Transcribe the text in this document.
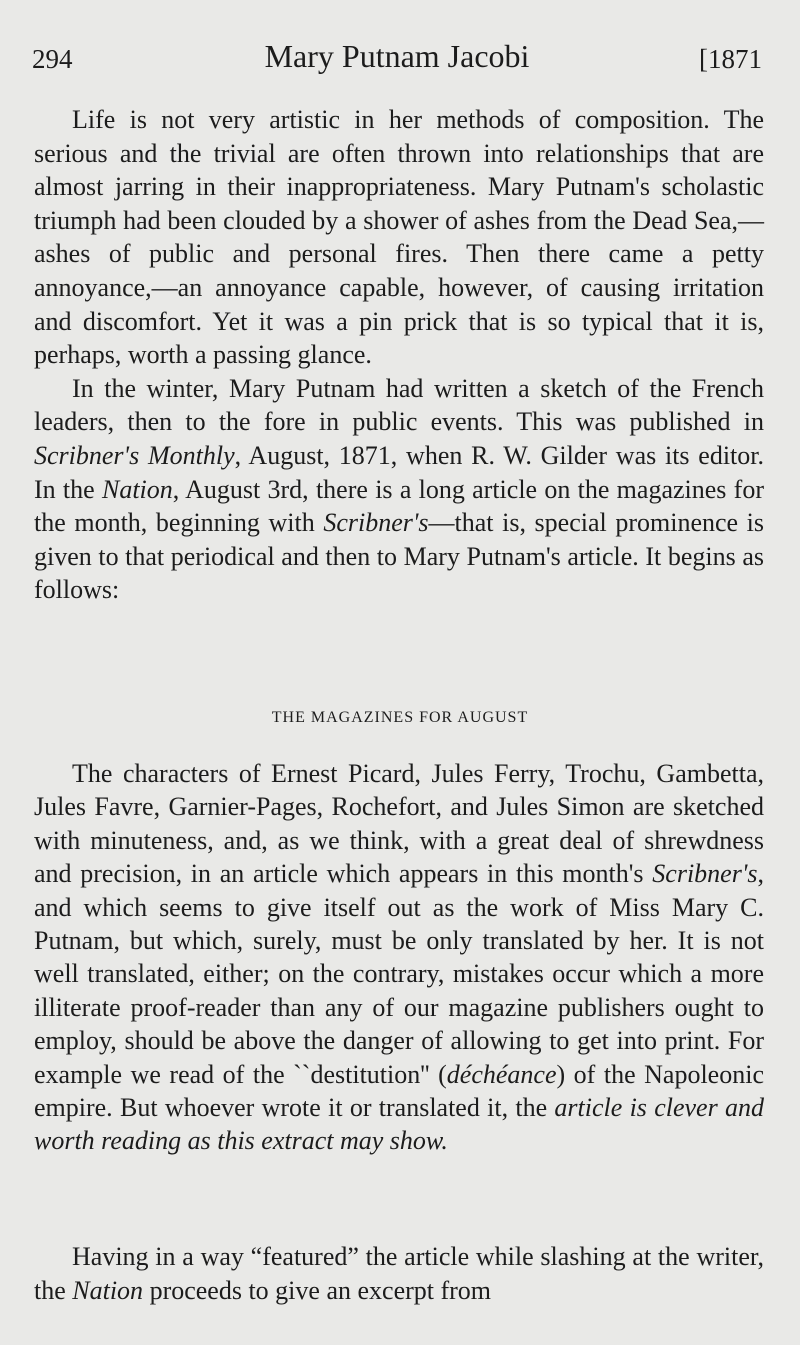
294	Mary Putnam Jacobi	[1871

Life is not very artistic in her methods of composition. The serious and the trivial are often thrown into relationships that are almost jarring in their inappropriateness. Mary Putnam's scholastic triumph had been clouded by a shower of ashes from the Dead Sea,—ashes of public and personal fires. Then there came a petty annoyance,—an annoyance capable, however, of causing irritation and discomfort. Yet it was a pin prick that is so typical that it is, perhaps, worth a passing glance.

In the winter, Mary Putnam had written a sketch of the French leaders, then to the fore in public events. This was published in Scribner's Monthly, August, 1871, when R. W. Gilder was its editor. In the Nation, August 3rd, there is a long article on the magazines for the month, beginning with Scribner's—that is, special prominence is given to that periodical and then to Mary Putnam's article. It begins as follows:

THE MAGAZINES FOR AUGUST

The characters of Ernest Picard, Jules Ferry, Trochu, Gambetta, Jules Favre, Garnier-Pages, Rochefort, and Jules Simon are sketched with minuteness, and, as we think, with a great deal of shrewdness and precision, in an article which appears in this month's Scribner's, and which seems to give itself out as the work of Miss Mary C. Putnam, but which, surely, must be only translated by her. It is not well translated, either; on the contrary, mistakes occur which a more illiterate proof-reader than any of our magazine publishers ought to employ, should be above the danger of allowing to get into print. For example we read of the ``destitution'' (déchéance) of the Napoleonic empire. But whoever wrote it or translated it, the article is clever and worth reading as this extract may show.

Having in a way “featured” the article while slashing at the writer, the Nation proceeds to give an excerpt from
